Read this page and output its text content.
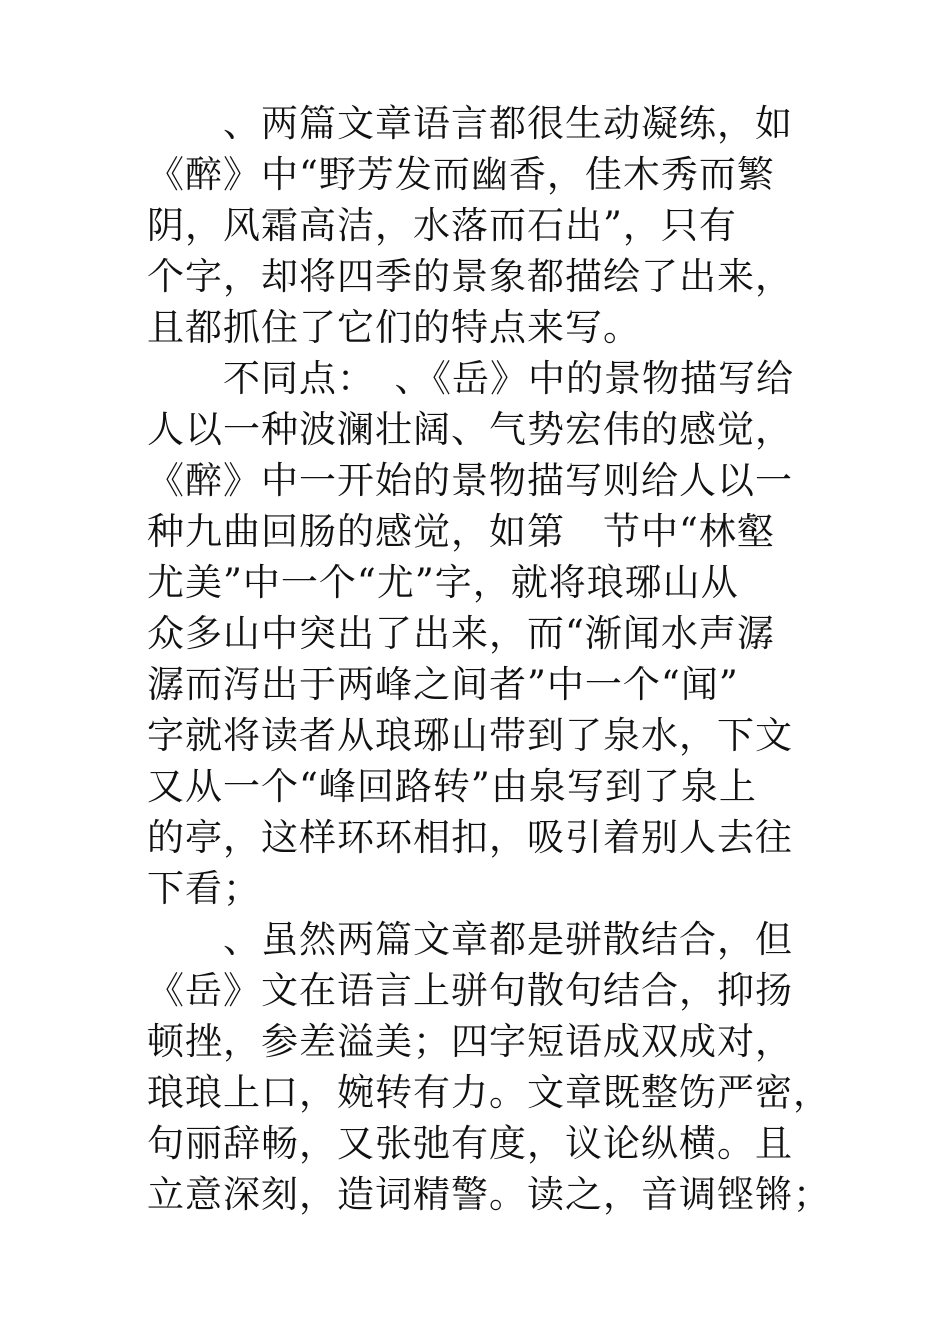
　　、两篇文章语言都很生动凝练，如
《醉》中“野芳发而幽香，佳木秀而繁
阴，风霜高洁，水落而石出”，只有
个字，却将四季的景象都描绘了出来，
且都抓住了它们的特点来写。
　　不同点：　、《岳》中的景物描写给
人以一种波澜壮阔、气势宏伟的感觉，
《醉》中一开始的景物描写则给人以一
种九曲回肠的感觉，如第　节中“林壑
尤美”中一个“尤”字，就将琅琊山从
众多山中突出了出来，而“渐闻水声潺
潺而泻出于两峰之间者”中一个“闻”
字就将读者从琅琊山带到了泉水，下文
又从一个“峰回路转”由泉写到了泉上
的亭，这样环环相扣，吸引着别人去往
下看；
　　、虽然两篇文章都是骈散结合，但
《岳》文在语言上骈句散句结合，抑扬
顿挫，参差溢美；四字短语成双成对，
琅琅上口，婉转有力。文章既整饬严密，
句丽辞畅，又张弛有度，议论纵横。且
立意深刻，造词精警。读之，音调铿锵；
